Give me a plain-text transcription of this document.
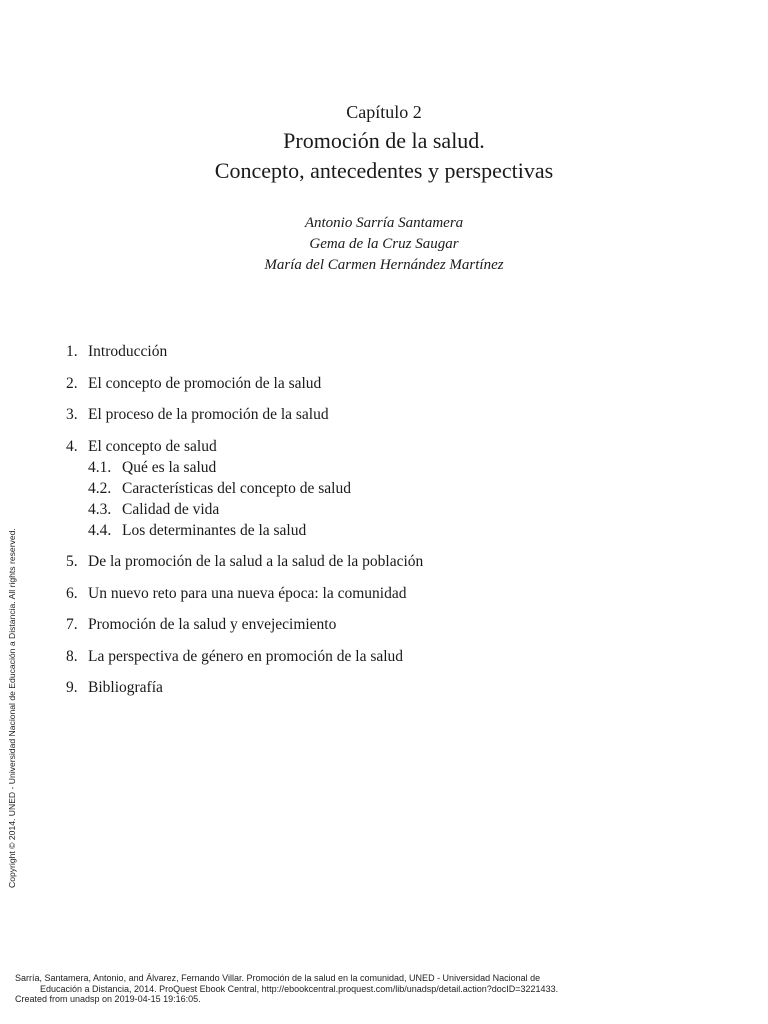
Capítulo 2
Promoción de la salud.
Concepto, antecedentes y perspectivas
Antonio Sarría Santamera
Gema de la Cruz Saugar
María del Carmen Hernández Martínez
1. Introducción
2. El concepto de promoción de la salud
3. El proceso de la promoción de la salud
4. El concepto de salud
4.1. Qué es la salud
4.2. Características del concepto de salud
4.3. Calidad de vida
4.4. Los determinantes de la salud
5. De la promoción de la salud a la salud de la población
6. Un nuevo reto para una nueva época: la comunidad
7. Promoción de la salud y envejecimiento
8. La perspectiva de género en promoción de la salud
9. Bibliografía
Copyright © 2014. UNED - Universidad Nacional de Educación a Distancia. All rights reserved.
Sarría, Santamera, Antonio, and Álvarez, Fernando Villar. Promoción de la salud en la comunidad, UNED - Universidad Nacional de
Educación a Distancia, 2014. ProQuest Ebook Central, http://ebookcentral.proquest.com/lib/unadsp/detail.action?docID=3221433.
Created from unadsp on 2019-04-15 19:16:05.
